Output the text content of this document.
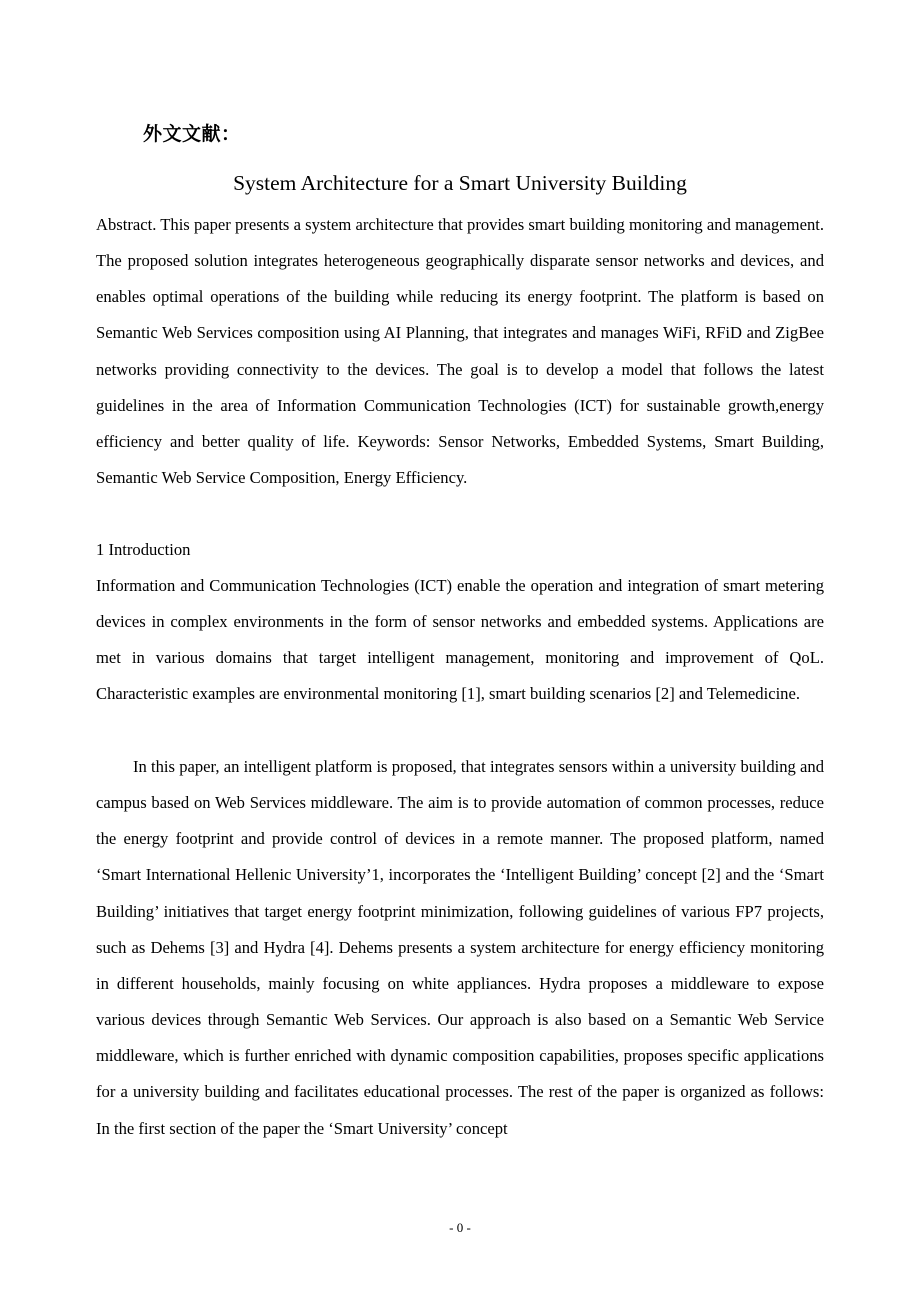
外文文献：
System Architecture for a Smart University Building
Abstract. This paper presents a system architecture that provides smart building monitoring and management. The proposed solution integrates heterogeneous geographically disparate sensor networks and devices, and enables optimal operations of the building while reducing its energy footprint. The platform is based on Semantic Web Services composition using AI Planning, that integrates and manages WiFi, RFiD and ZigBee networks providing connectivity to the devices. The goal is to develop a model that follows the latest guidelines in the area of Information Communication Technologies (ICT) for sustainable growth,energy efficiency and better quality of life. Keywords: Sensor Networks, Embedded Systems, Smart Building, Semantic Web Service Composition, Energy Efficiency.
1 Introduction
Information and Communication Technologies (ICT) enable the operation and integration of smart metering devices in complex environments in the form of sensor networks and embedded systems. Applications are met in various domains that target intelligent management, monitoring and improvement of QoL. Characteristic examples are environmental monitoring [1], smart building scenarios [2] and Telemedicine.
In this paper, an intelligent platform is proposed, that integrates sensors within a university building and campus based on Web Services middleware. The aim is to provide automation of common processes, reduce the energy footprint and provide control of devices in a remote manner. The proposed platform, named ‘Smart International Hellenic University’1, incorporates the ‘Intelligent Building’ concept [2] and the ‘Smart Building’ initiatives that target energy footprint minimization, following guidelines of various FP7 projects, such as Dehems [3] and Hydra [4]. Dehems presents a system architecture for energy efficiency monitoring in different households, mainly focusing on white appliances. Hydra proposes a middleware to expose various devices through Semantic Web Services. Our approach is also based on a Semantic Web Service middleware, which is further enriched with dynamic composition capabilities, proposes specific applications for a university building and facilitates educational processes. The rest of the paper is organized as follows: In the first section of the paper the ‘Smart University’ concept
- 0 -
